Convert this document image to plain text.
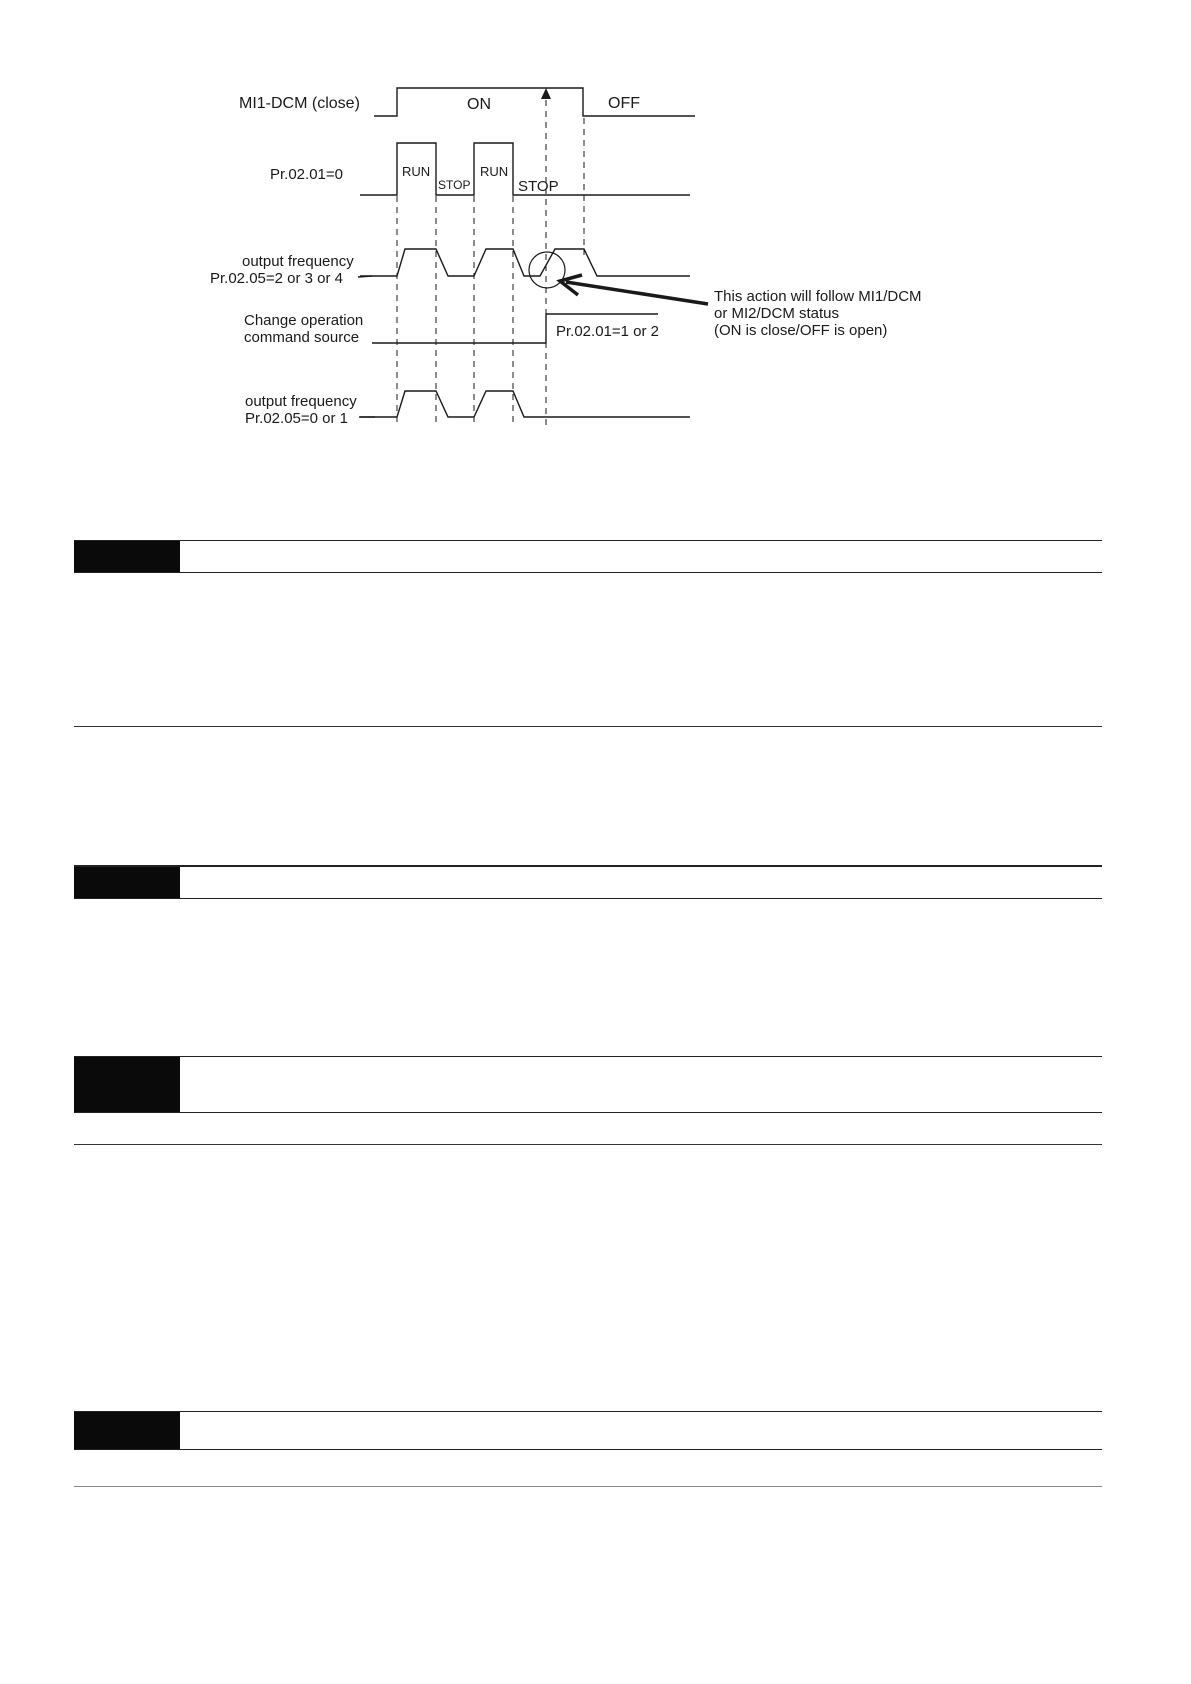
MI1-DCM (close)	ON	OFF
Pr.02.01=0	RUN
STOP
RUN
STOP
output frequency
Pr.02.05=2 or 3 or 4
Change operation
command source	Pr.02.01=1 or 2
output frequency
Pr.02.05=0 or 1
This action will follow MI1/DCM
or MI2/DCM status
(ON is close/OFF is open)
